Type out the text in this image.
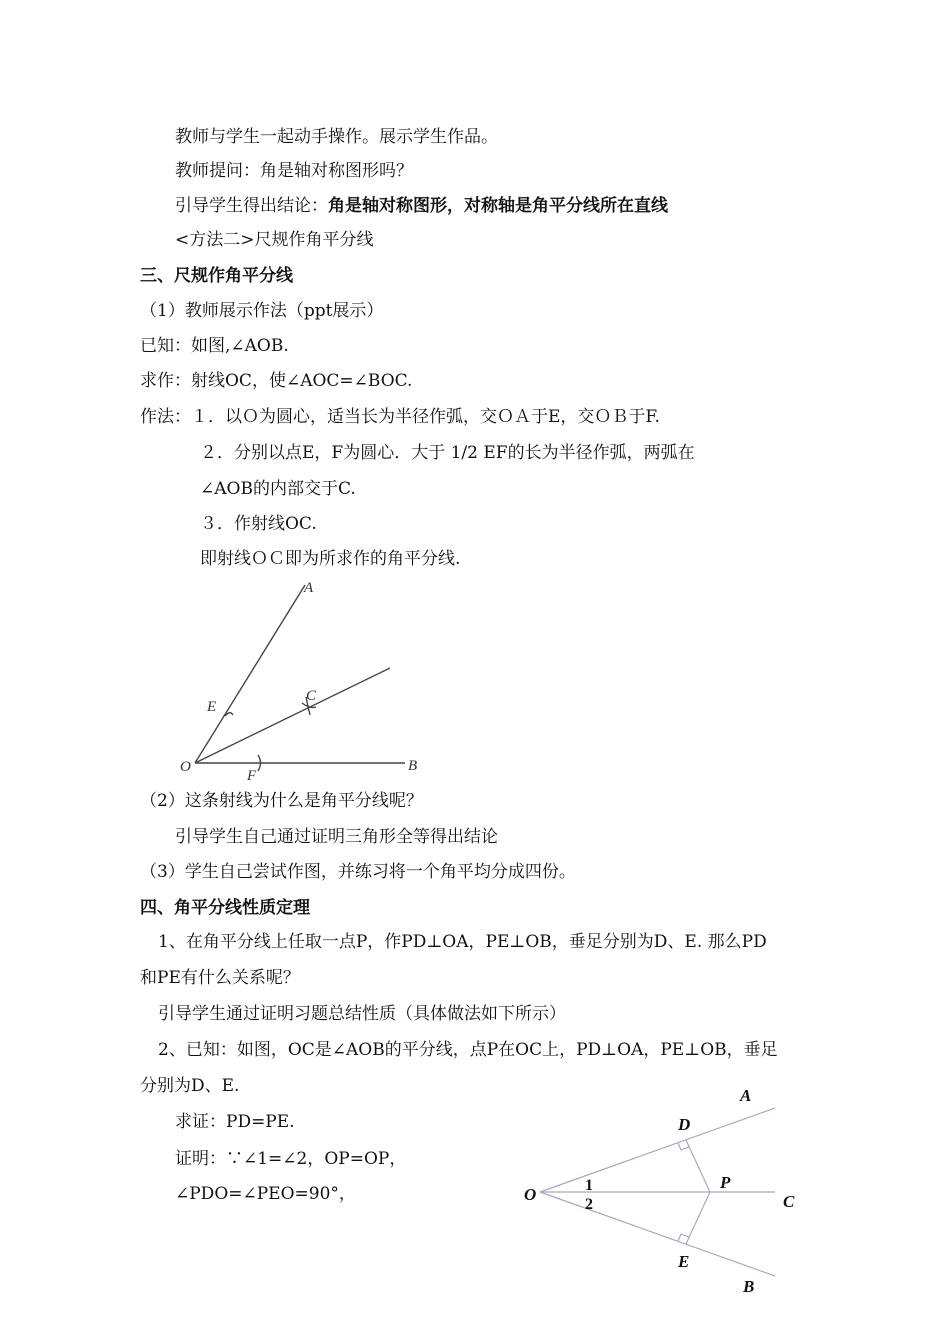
教师与学生一起动手操作。展示学生作品。
教师提问：角是轴对称图形吗？
引导学生得出结论：角是轴对称图形，对称轴是角平分线所在直线
<方法二>尺规作角平分线
三、尺规作角平分线
（1）教师展示作法（ppt展示）
已知：如图,∠AOB.
求作：射线OC，使∠AOC=∠BOC.
作法：１．以Ｏ为圆心，适当长为半径作弧，交ＯＡ于E，交ＯＢ于F.
２．分别以点E，F为圆心．大于 1/2 EF的长为半径作弧，两弧在
∠AOB的内部交于C.
３．作射线OC.
即射线ＯＣ即为所求作的角平分线.
A
C
E
O
F
B
（2）这条射线为什么是角平分线呢？
引导学生自己通过证明三角形全等得出结论
（3）学生自己尝试作图，并练习将一个角平均分成四份。
四、角平分线性质定理
1、在角平分线上任取一点P，作PD⊥OA，PE⊥OB，垂足分别为D、E. 那么PD
和PE有什么关系呢？
引导学生通过证明习题总结性质（具体做法如下所示）
2、已知：如图，OC是∠AOB的平分线，点P在OC上，PD⊥OA，PE⊥OB，垂足
分别为D、E.
求证：PD=PE.
证明：∵∠1=∠2，OP=OP，
∠PDO=∠PEO=90°，
A
D
P
O	C
E
B
1
2
